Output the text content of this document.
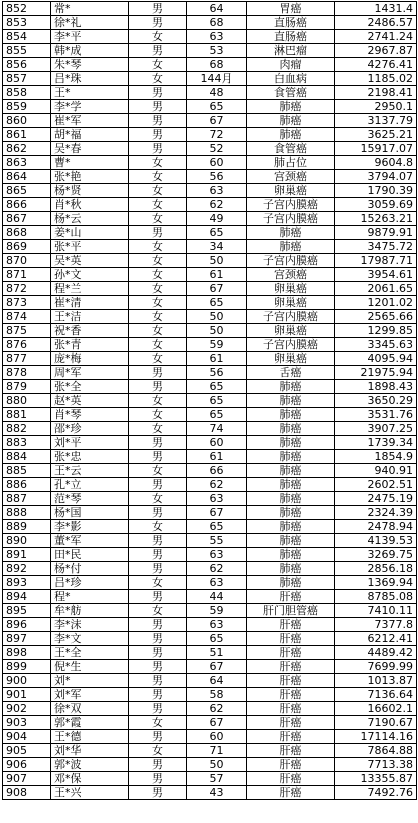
852	常*	男	64	胃癌	1431.4
853	徐*礼	男	68	直肠癌	2486.57
854	李*平	女	63	直肠癌	2741.24
855	韩*成	男	53	淋巴瘤	2967.87
856	朱*琴	女	68	肉瘤	4276.41
857	吕*珠	女	144月	白血病	1185.02
858	王*	男	48	食管癌	2198.41
859	李*学	男	65	肺癌	2950.1
860	崔*军	男	67	肺癌	3137.79
861	胡*福	男	72	肺癌	3625.21
862	吴*春	男	52	食管癌	15917.07
863	曹*	女	60	肺占位	9604.8
864	张*艳	女	56	宫颈癌	3794.07
865	杨*贤	女	63	卵巢癌	1790.39
866	肖*秋	女	62	子宫内膜癌	3059.69
867	杨*云	女	49	子宫内膜癌	15263.21
868	姜*山	男	65	肺癌	9879.91
869	张*平	女	34	肺癌	3475.72
870	吴*英	女	50	子宫内膜癌	17987.71
871	孙*文	女	61	宫颈癌	3954.61
872	程*兰	女	67	卵巢癌	2061.65
873	崔*清	女	65	卵巢癌	1201.02
874	王*洁	女	50	子宫内膜癌	2565.66
875	祝*香	女	50	卵巢癌	1299.85
876	张*青	女	59	子宫内膜癌	3345.63
877	庞*梅	女	61	卵巢癌	4095.94
878	周*军	男	56	舌癌	21975.94
879	张*全	男	65	肺癌	1898.43
880	赵*英	女	65	肺癌	3650.29
881	肖*琴	女	65	肺癌	3531.76
882	邵*珍	女	74	肺癌	3907.25
883	刘*平	男	60	肺癌	1739.34
884	张*忠	男	61	肺癌	1854.9
885	王*云	女	66	肺癌	940.91
886	孔*立	男	62	肺癌	2602.51
887	范*琴	女	63	肺癌	2475.19
888	杨*国	男	67	肺癌	2324.39
889	李*影	女	65	肺癌	2478.94
890	董*军	男	55	肺癌	4139.53
891	田*民	男	63	肺癌	3269.75
892	杨*付	男	62	肺癌	2856.18
893	吕*珍	女	63	肺癌	1369.94
894	程*	男	44	肝癌	8785.08
895	牟*舫	女	59	肝门胆管癌	7410.11
896	李*沫	男	63	肝癌	7377.8
897	李*文	男	65	肝癌	6212.41
898	王*全	男	51	肝癌	4489.42
899	倪*生	男	67	肝癌	7699.99
900	刘*	男	64	肝癌	1013.87
901	刘*军	男	58	肝癌	7136.64
902	徐*双	男	62	肝癌	16602.1
903	郭*霞	女	67	肝癌	7190.67
904	王*德	男	60	肝癌	17114.16
905	刘*华	女	71	肝癌	7864.88
906	郭*波	男	50	肝癌	7713.38
907	邓*保	男	57	肝癌	13355.87
908	王*兴	男	43	肝癌	7492.76
